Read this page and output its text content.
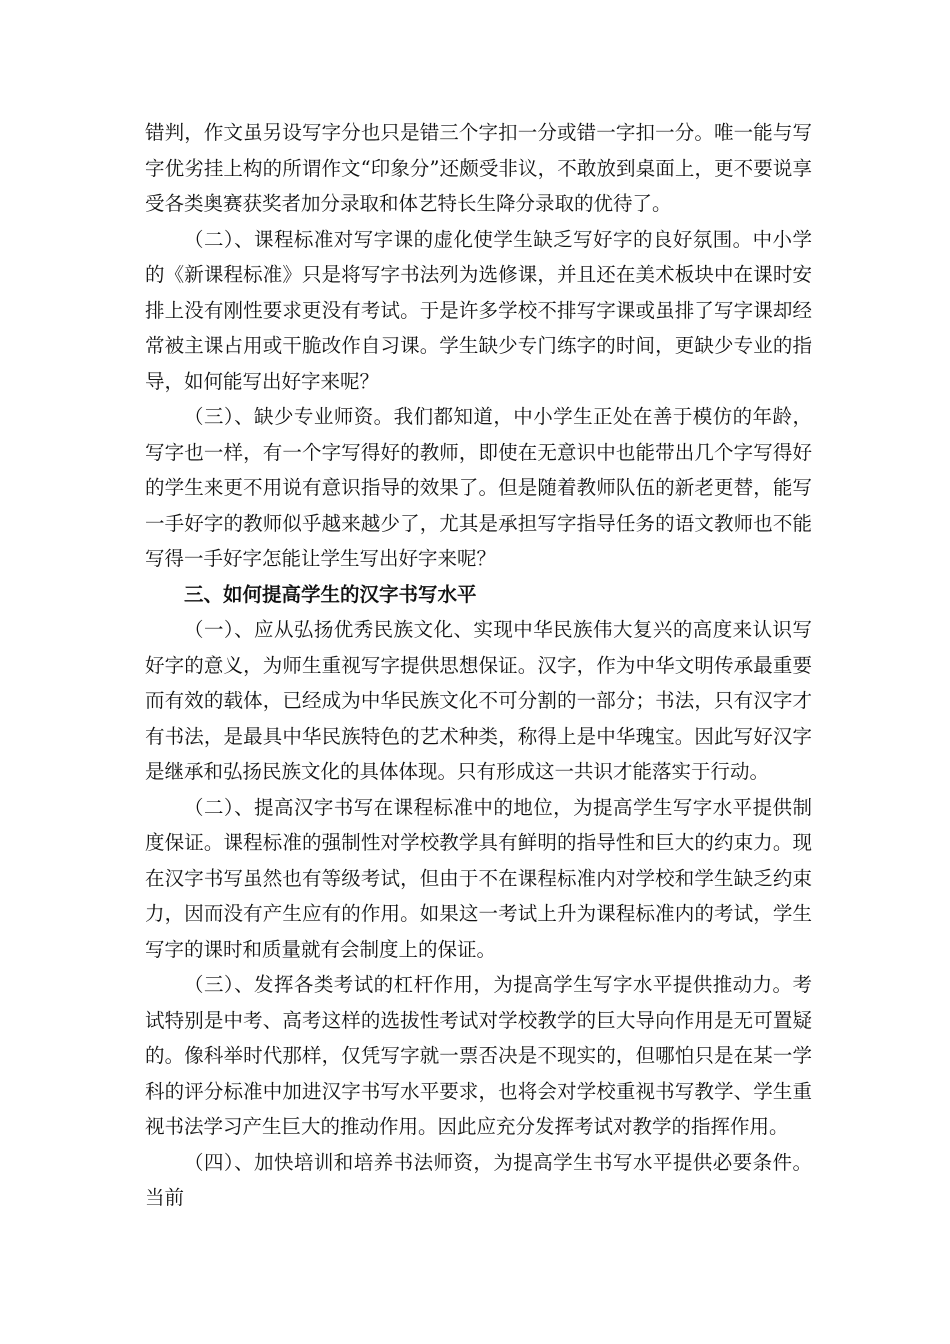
错判，作文虽另设写字分也只是错三个字扣一分或错一字扣一分。唯一能与写字优劣挂上构的所谓作文“印象分”还颇受非议，不敢放到桌面上，更不要说享受各类奥赛获奖者加分录取和体艺特长生降分录取的优待了。

（二）、课程标准对写字课的虚化使学生缺乏写好字的良好氛围。中小学的《新课程标准》只是将写字书法列为选修课，并且还在美术板块中在课时安排上没有刚性要求更没有考试。于是许多学校不排写字课或虽排了写字课却经常被主课占用或干脆改作自习课。学生缺少专门练字的时间，更缺少专业的指导，如何能写出好字来呢？

（三）、缺少专业师资。我们都知道，中小学生正处在善于模仿的年龄，写字也一样，有一个字写得好的教师，即使在无意识中也能带出几个字写得好的学生来更不用说有意识指导的效果了。但是随着教师队伍的新老更替，能写一手好字的教师似乎越来越少了，尤其是承担写字指导任务的语文教师也不能写得一手好字怎能让学生写出好字来呢？

三、如何提高学生的汉字书写水平

（一）、应从弘扬优秀民族文化、实现中华民族伟大复兴的高度来认识写好字的意义，为师生重视写字提供思想保证。汉字，作为中华文明传承最重要而有效的载体，已经成为中华民族文化不可分割的一部分；书法，只有汉字才有书法，是最具中华民族特色的艺术种类，称得上是中华瑰宝。因此写好汉字是继承和弘扬民族文化的具体体现。只有形成这一共识才能落实于行动。

（二）、提高汉字书写在课程标准中的地位，为提高学生写字水平提供制度保证。课程标准的强制性对学校教学具有鲜明的指导性和巨大的约束力。现在汉字书写虽然也有等级考试，但由于不在课程标准内对学校和学生缺乏约束力，因而没有产生应有的作用。如果这一考试上升为课程标准内的考试，学生写字的课时和质量就有会制度上的保证。

（三）、发挥各类考试的杠杆作用，为提高学生写字水平提供推动力。考试特别是中考、高考这样的选拔性考试对学校教学的巨大导向作用是无可置疑的。像科举时代那样，仅凭写字就一票否决是不现实的，但哪怕只是在某一学科的评分标准中加进汉字书写水平要求，也将会对学校重视书写教学、学生重视书法学习产生巨大的推动作用。因此应充分发挥考试对教学的指挥作用。

（四）、加快培训和培养书法师资，为提高学生书写水平提供必要条件。当前
